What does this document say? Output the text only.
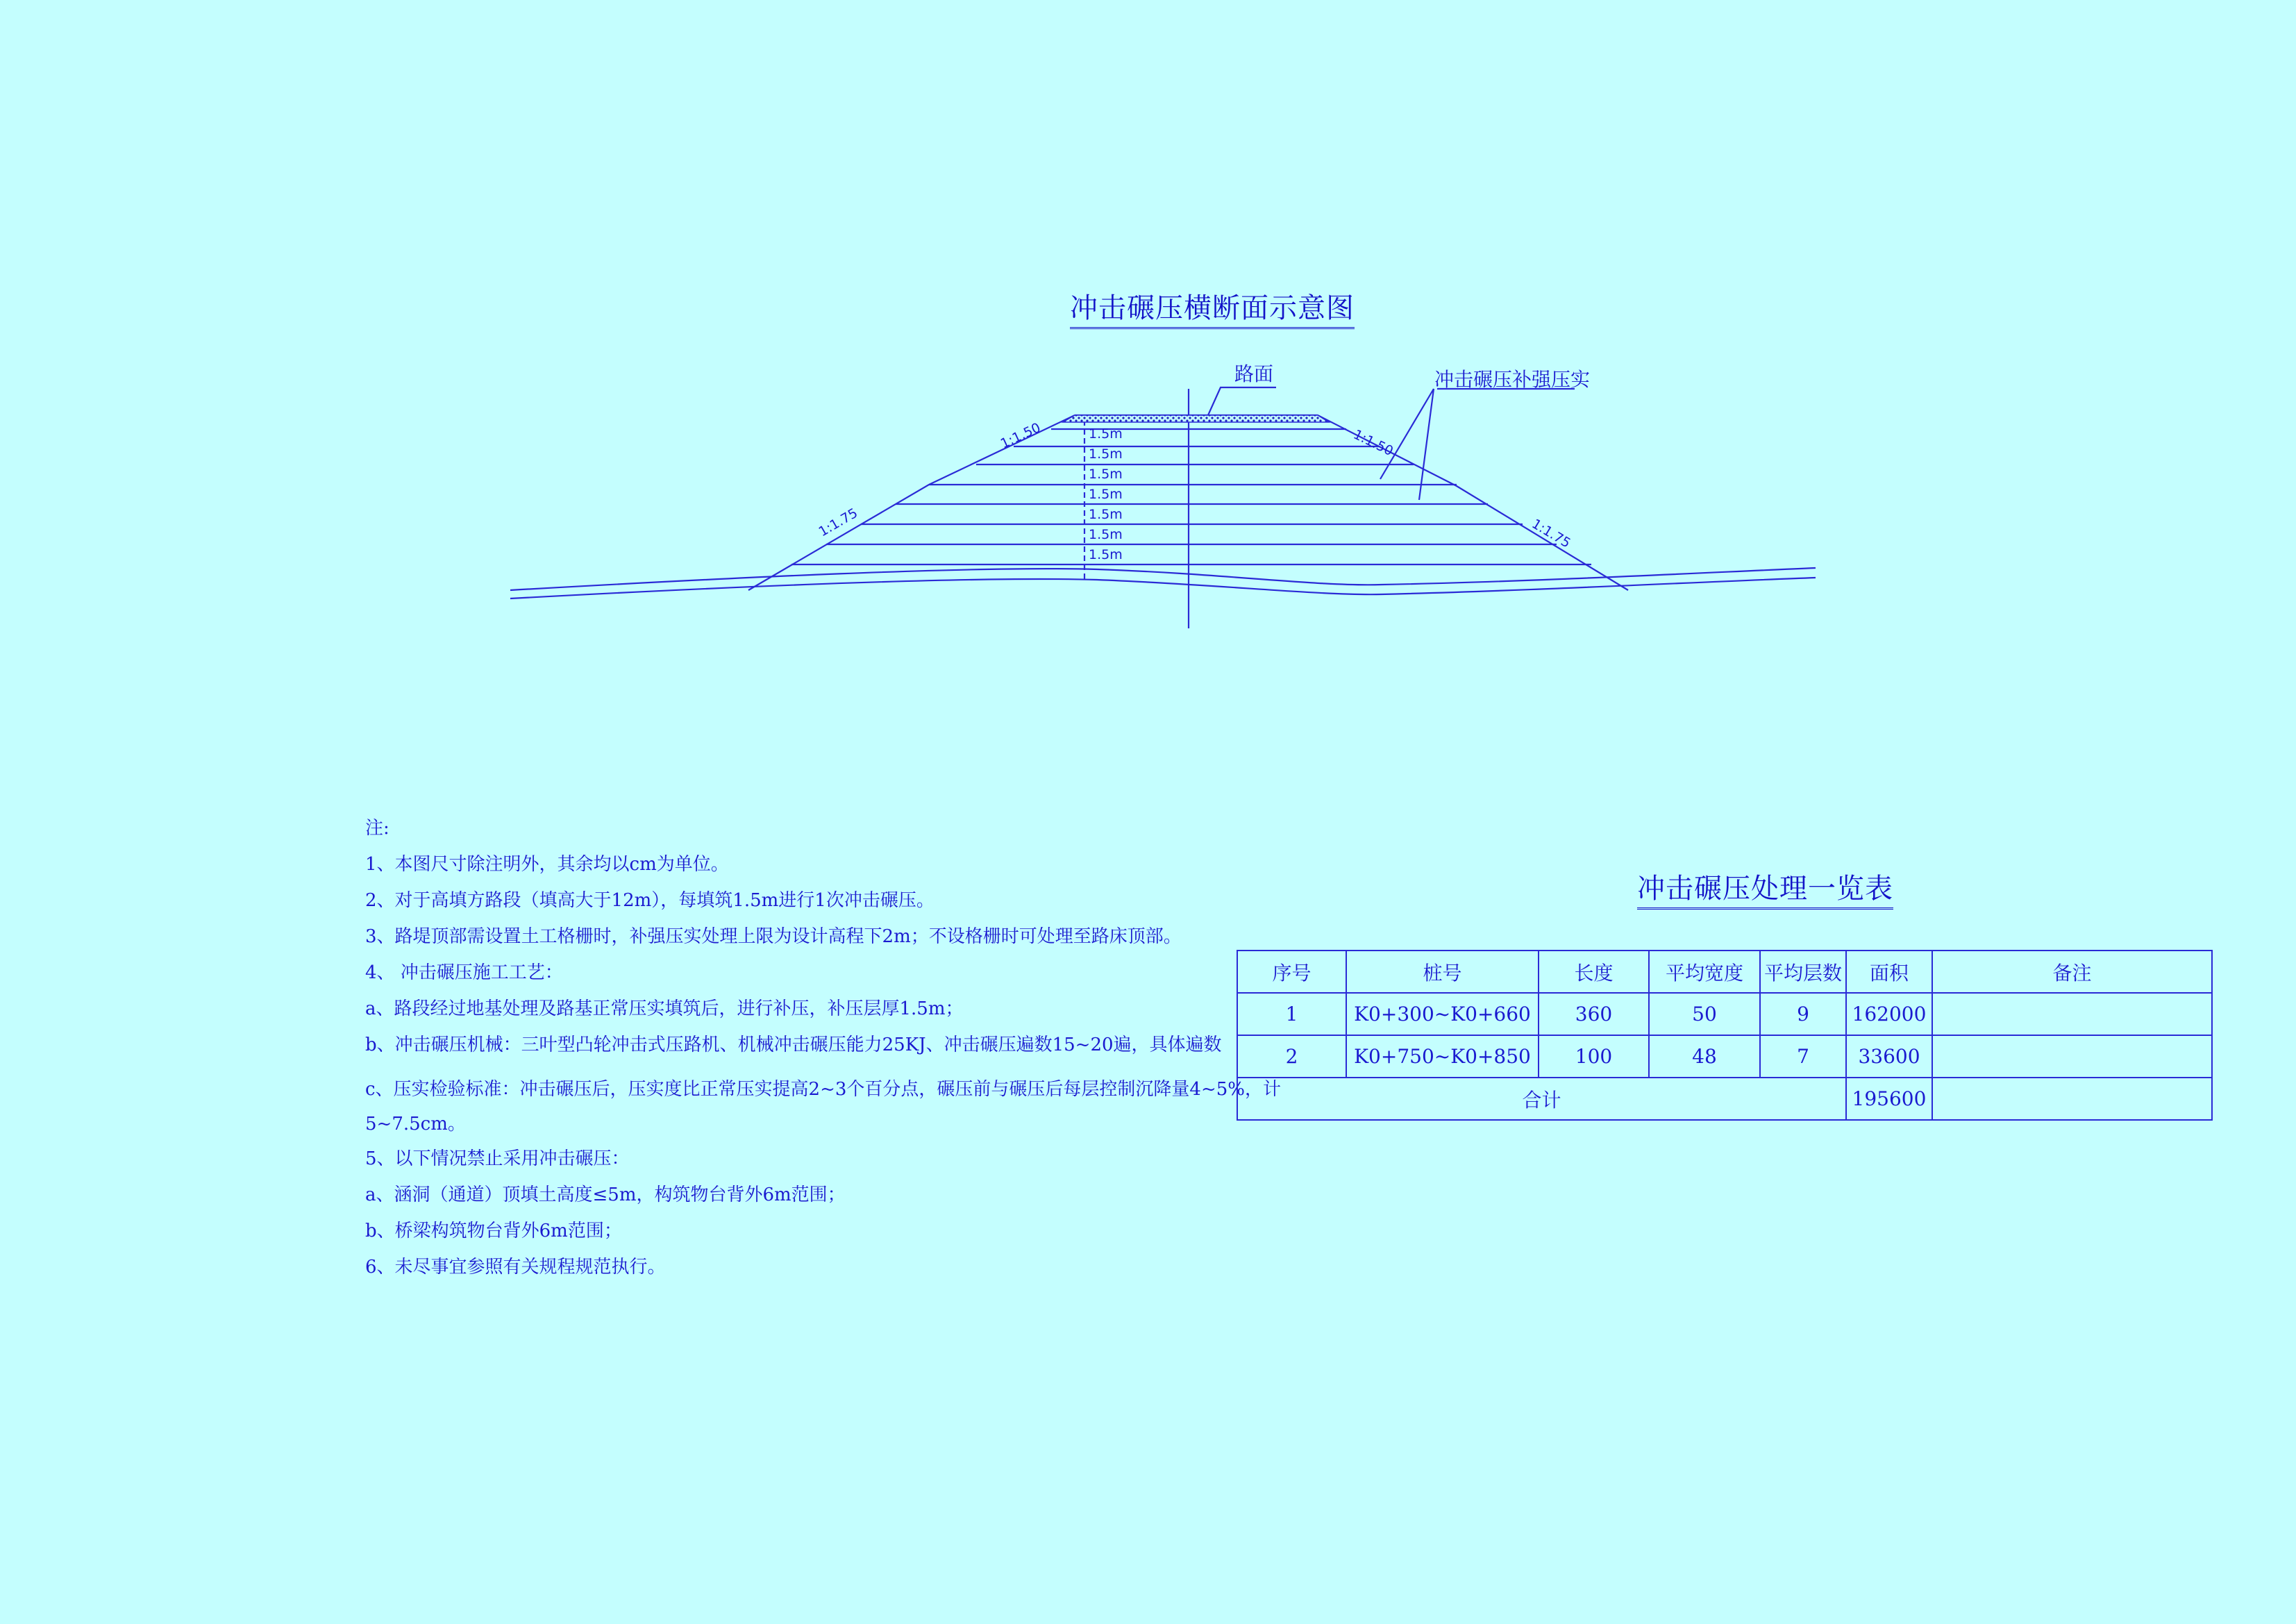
1.5m
1.5m
1.5m
1.5m
1.5m
1.5m
1.5m
1:1.50	1:1.50
1:1.75	1:1.75
路面	冲击碾压补强压实
冲击碾压横断面示意图
注:
1、本图尺寸除注明外，其余均以cm为单位。
2、对于高填方路段（填高大于12m），每填筑1.5m进行1次冲击碾压。
3、路堤顶部需设置土工格栅时，补强压实处理上限为设计高程下2m；不设格栅时可处理至路床顶部。
4、 冲击碾压施工工艺：
a、路段经过地基处理及路基正常压实填筑后，进行补压，补压层厚1.5m；
b、冲击碾压机械：三叶型凸轮冲击式压路机、机械冲击碾压能力25KJ、冲击碾压遍数15~20遍，具体遍数
c、压实检验标准：冲击碾压后，压实度比正常压实提高2~3个百分点，碾压前与碾压后每层控制沉降量4~5%，计
5~7.5cm。
5、以下情况禁止采用冲击碾压：
a、涵洞（通道）顶填土高度≤5m，构筑物台背外6m范围；
b、桥梁构筑物台背外6m范围；
6、未尽事宜参照有关规程规范执行。
冲击碾压处理一览表
序号	桩号	长度	平均宽度	平均层数	面积	备注
1	K0+300~K0+660	360	50	9	162000	
2	K0+750~K0+850	100	48	7	33600	
合计					195600	
